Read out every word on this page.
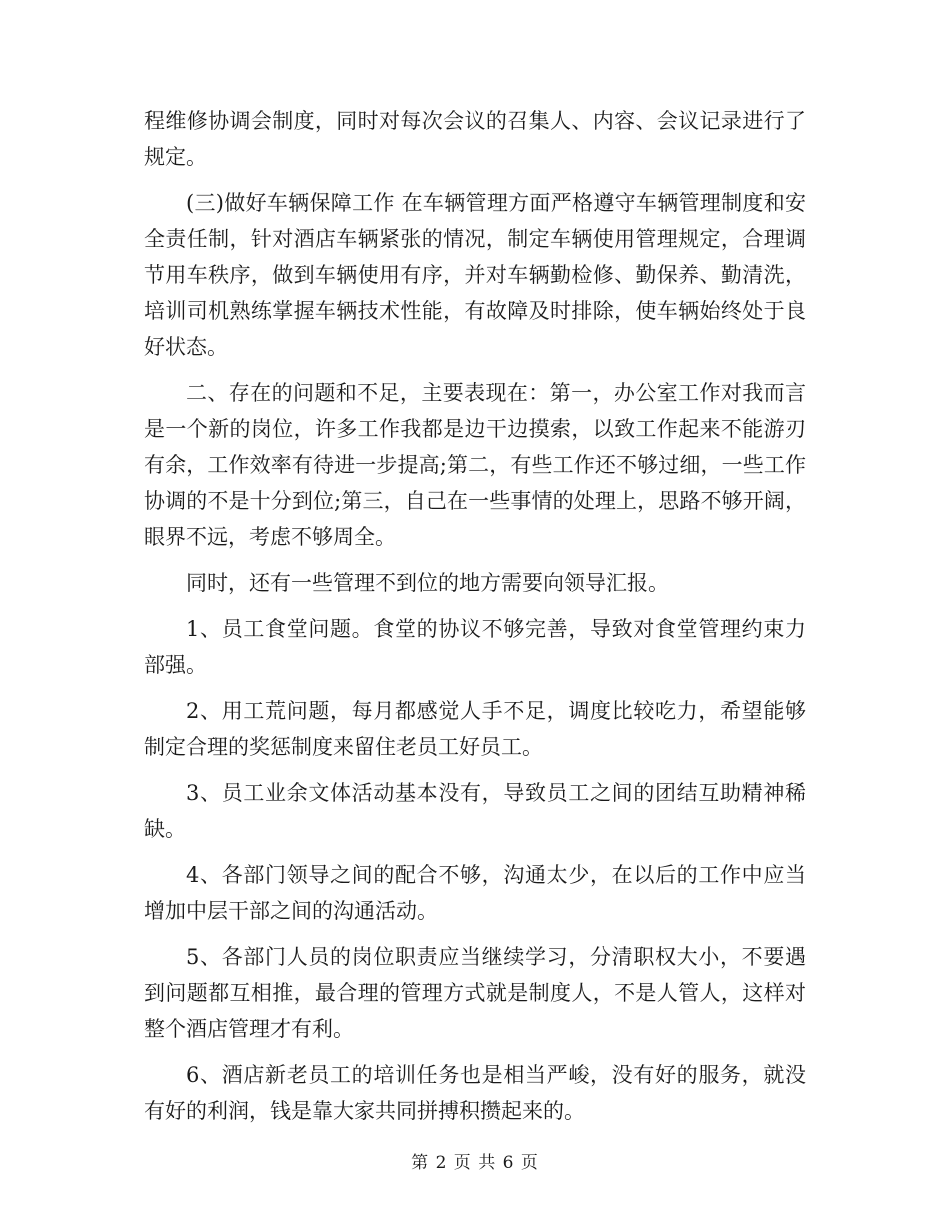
程维修协调会制度，同时对每次会议的召集人、内容、会议记录进行了规定。

(三)做好车辆保障工作 在车辆管理方面严格遵守车辆管理制度和安全责任制，针对酒店车辆紧张的情况，制定车辆使用管理规定，合理调节用车秩序，做到车辆使用有序，并对车辆勤检修、勤保养、勤清洗，培训司机熟练掌握车辆技术性能，有故障及时排除，使车辆始终处于良好状态。

二、存在的问题和不足，主要表现在：第一，办公室工作对我而言是一个新的岗位，许多工作我都是边干边摸索，以致工作起来不能游刃有余，工作效率有待进一步提高;第二，有些工作还不够过细，一些工作协调的不是十分到位;第三，自己在一些事情的处理上，思路不够开阔，眼界不远，考虑不够周全。

同时，还有一些管理不到位的地方需要向领导汇报。

1、员工食堂问题。食堂的协议不够完善，导致对食堂管理约束力部强。

2、用工荒问题，每月都感觉人手不足，调度比较吃力，希望能够制定合理的奖惩制度来留住老员工好员工。

3、员工业余文体活动基本没有，导致员工之间的团结互助精神稀缺。

4、各部门领导之间的配合不够，沟通太少，在以后的工作中应当增加中层干部之间的沟通活动。

5、各部门人员的岗位职责应当继续学习，分清职权大小，不要遇到问题都互相推，最合理的管理方式就是制度人，不是人管人，这样对整个酒店管理才有利。

6、酒店新老员工的培训任务也是相当严峻，没有好的服务，就没有好的利润，钱是靠大家共同拼搏积攒起来的。

第 2 页 共 6 页
